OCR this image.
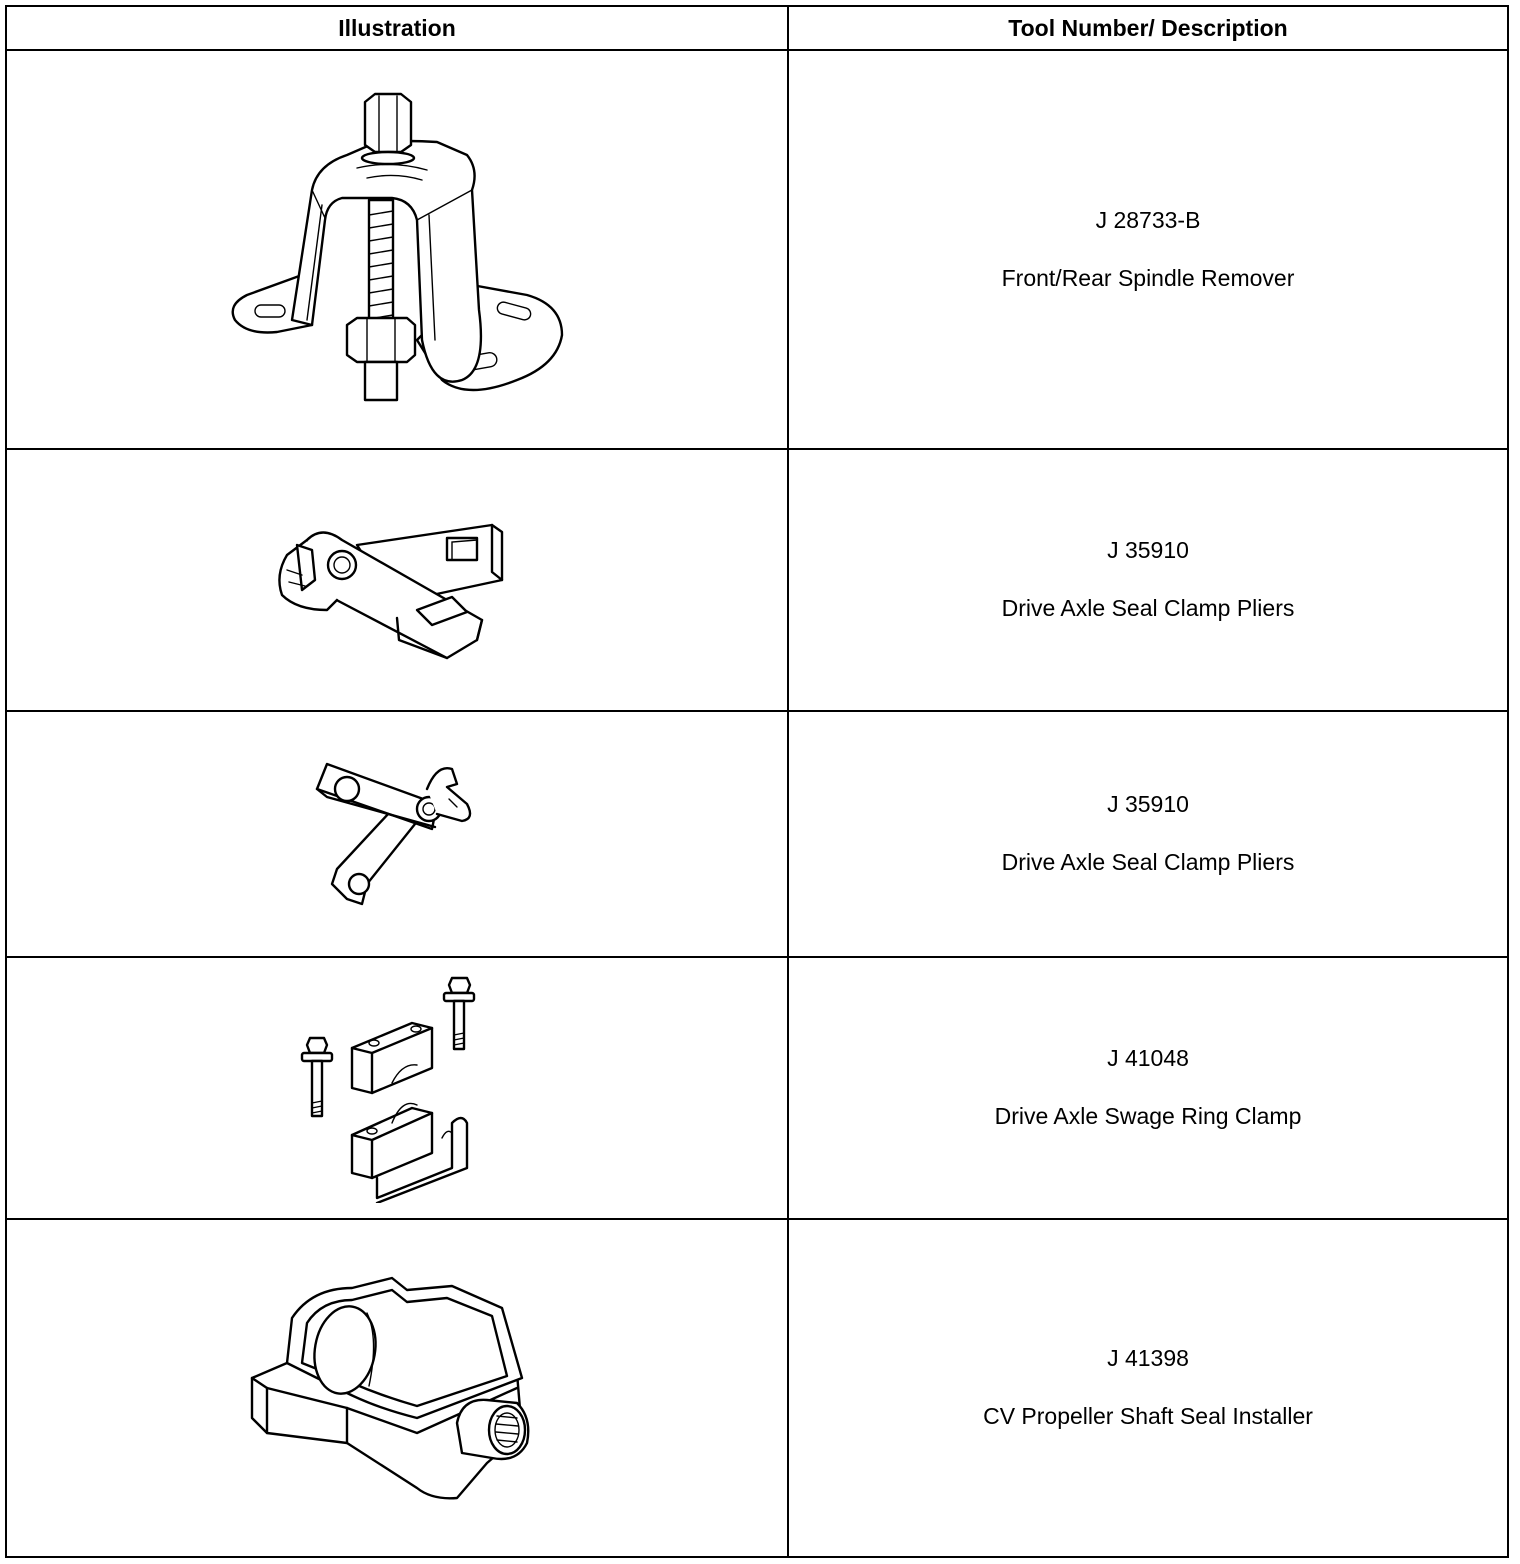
Illustration	Tool Number/ Description

J 28733-B
Front/Rear Spindle Remover

J 35910
Drive Axle Seal Clamp Pliers

J 35910
Drive Axle Seal Clamp Pliers

J 41048
Drive Axle Swage Ring Clamp

J 41398
CV Propeller Shaft Seal Installer
